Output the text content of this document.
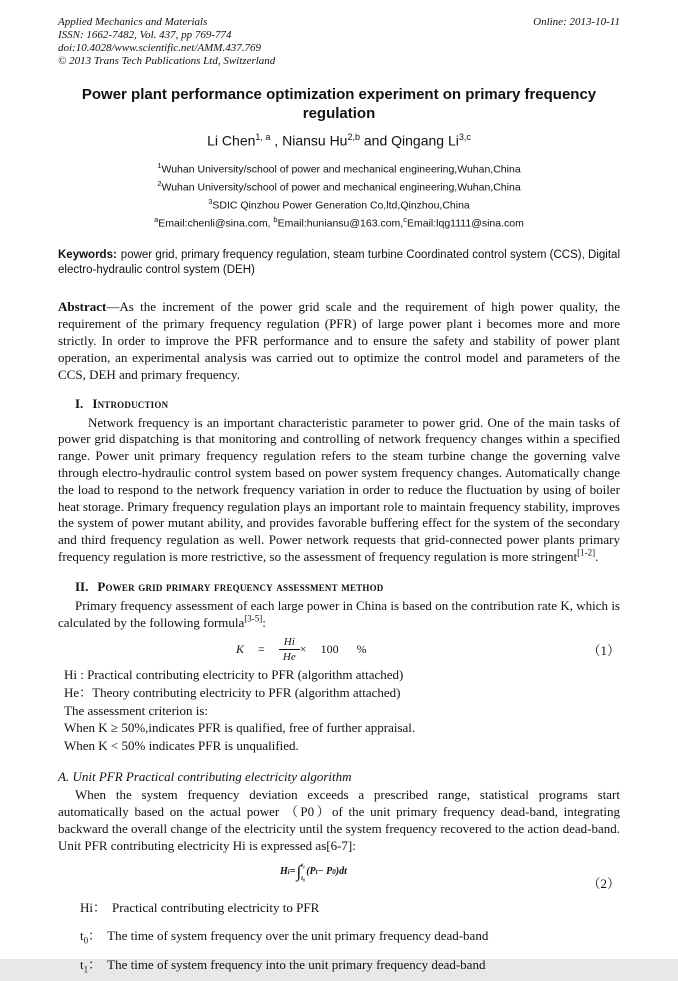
Applied Mechanics and Materials
ISSN: 1662-7482, Vol. 437, pp 769-774
doi:10.4028/www.scientific.net/AMM.437.769
© 2013 Trans Tech Publications Ltd, Switzerland
Online: 2013-10-11
Power plant performance optimization experiment on primary frequency regulation
Li Chen$^{1, a}$ , Niansu Hu$^{2,b}$ and Qingang Li$^{3,c}$
$^1$Wuhan University/school of power and mechanical engineering,Wuhan,China
$^2$Wuhan University/school of power and mechanical engineering,Wuhan,China
$^3$SDIC Qinzhou Power Generation Co,ltd,Qinzhou,China
$^a$Email:chenli@sina.com, $^b$Email:huniansu@163.com,$^c$Email:lqg1111@sina.com
Keywords: power grid, primary frequency regulation, steam turbine Coordinated control system (CCS), Digital electro-hydraulic control system (DEH)
Abstract—As the increment of the power grid scale and the requirement of high power quality, the requirement of the primary frequency regulation (PFR) of large power plant i becomes more and more strictly. In order to improve the PFR performance and to ensure the safety and stability of power plant operation, an experimental analysis was carried out to optimize the control model and parameters of the CCS, DEH and primary frequency.
I. Introduction
Network frequency is an important characteristic parameter to power grid. One of the main tasks of power grid dispatching is that monitoring and controlling of network frequency changes within a specified range. Power unit primary frequency regulation refers to the steam turbine change the governing valve through electro-hydraulic control system based on power system frequency changes. Automatically change the load to respond to the network frequency variation in order to reduce the fluctuation by using of boiler heat storage. Primary frequency regulation plays an important role to maintain frequency stability, improves the system of power mutant ability, and provides favorable buffering effect for the system of the secondary and third frequency regulation as well. Power network requests that grid-connected power plants primary frequency regulation is more restrictive, so the assessment of frequency regulation is more stringent[1-2].
II. Power grid primary frequency assessment method
Primary frequency assessment of each large power in China is based on the contribution rate K, which is calculated by the following formula[3-5]:
$K = \frac{Hi}{He} \times 100$ %	（1）
Hi : Practical contributing electricity to PFR (algorithm attached)
He：Theory contributing electricity to PFR (algorithm attached)
The assessment criterion is:
When K ≥ 50%,indicates PFR is qualified, free of further appraisal.
When K < 50% indicates PFR is unqualified.
A. Unit PFR Practical contributing electricity algorithm
When the system frequency deviation exceeds a prescribed range, statistical programs start automatically based on the actual power （P0）of the unit primary frequency dead-band, integrating backward the overall change of the electricity until the system frequency recovered to the action dead-band. Unit PFR contributing electricity Hi is expressed as[6-7]:
H i = ∫ t₁
t₀
(P t − P 0 )dt
（2）
Hi： Practical contributing electricity to PFR
$t_0$： The time of system frequency over the unit primary frequency dead-band
$t_1$： The time of system frequency into the unit primary frequency dead-band
